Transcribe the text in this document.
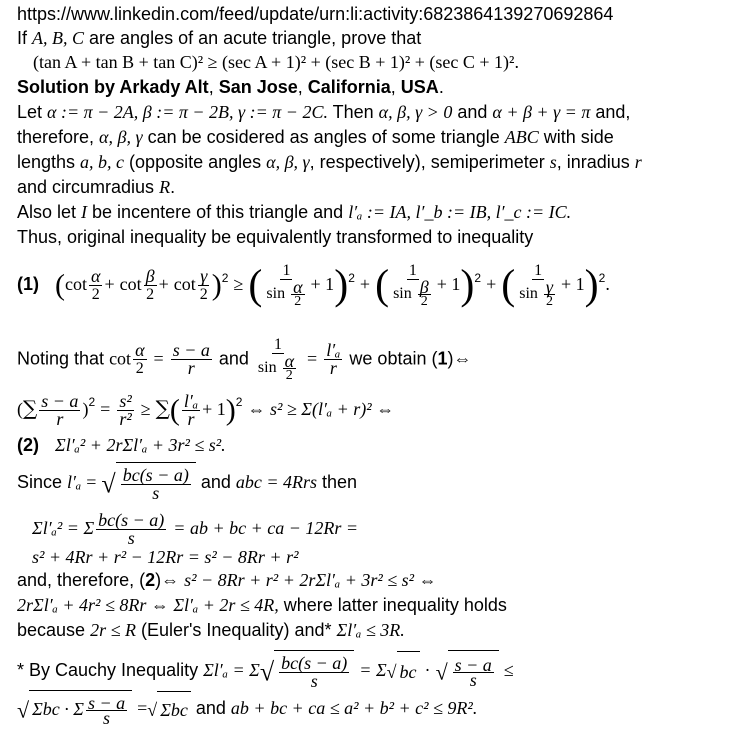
https://www.linkedin.com/feed/update/urn:li:activity:6823864139270692864
If A, B, C are angles of an acute triangle, prove that
(tan A + tan B + tan C)² ≥ (sec A + 1)² + (sec B + 1)² + (sec C + 1)².
Solution by Arkady Alt, San Jose, California, USA.
Let α := π − 2A, β := π − 2B, γ := π − 2C. Then α, β, γ > 0 and α + β + γ = π and,
therefore, α, β, γ can be cosidered as angles of some triangle ABC with side
lengths a, b, c (opposite angles α, β, γ, respectively), semiperimeter s, inradius r
and circumradius R.
Also let I be incentere of this triangle and l′ₐ := IA, l′_b := IB, l′_c := IC.
Thus, original inequality be equivalently transformed to inequality
(1) $(\cot \frac{\alpha}{2} + \cot \frac{\beta}{2} + \cot \frac{\gamma}{2} )^2$ ≥ ( $\frac{1}{\sin \frac{\alpha}{2}} + 1)^2$ + ( $\frac{1}{\sin \frac{\beta}{2}} + 1)^2$ + ( $\frac{1}{\sin \frac{\gamma}{2}} + 1)^2$.
Noting that $\cot \frac{\alpha}{2} = \frac{s - a}{r}$ and $\frac{1}{\sin \frac{\alpha}{2}} = \frac{\text{l′ₐ}}{r}$ we obtain (1)⇔
(∑ $\frac{s - a}{r} )^2 = \frac{\text{s²}}{\text{r²}}$ ≥ ∑( $\frac{\text{l′ₐ}}{r} + 1)^2$ ⇔ s² ≥ Σ(l′ₐ + r)² ⇔
(2) Σl′ₐ² + 2rΣl′ₐ + 3r² ≤ s².
Since l′ₐ = √ $\frac{bc(s - a)}{s}$ and abc = 4Rrs then
Σl′ₐ² = Σ $\frac{bc(s - a)}{s}$ = ab + bc + ca − 12Rr =
s² + 4Rr + r² − 12Rr = s² − 8Rr + r²
and, therefore, (2)⇔ s² − 8Rr + r² + 2rΣl′ₐ + 3r² ≤ s² ⇔
2rΣl′ₐ + 4r² ≤ 8Rr ⇔ Σl′ₐ + 2r ≤ 4R, where latter inequality holds
because 2r ≤ R (Euler's Inequality) and* Σl′ₐ ≤ 3R.
* By Cauchy Inequality $\Sigma l'_a = \Sigma√ \frac{bc(s - a)}{s} = \Sigma√$ bc · √ $\frac{s - a}{s}$ ≤
√ Σbc · Σ $\frac{s - a}{s}$ =√ Σbc and ab + bc + ca ≤ a² + b² + c² ≤ 9R².
